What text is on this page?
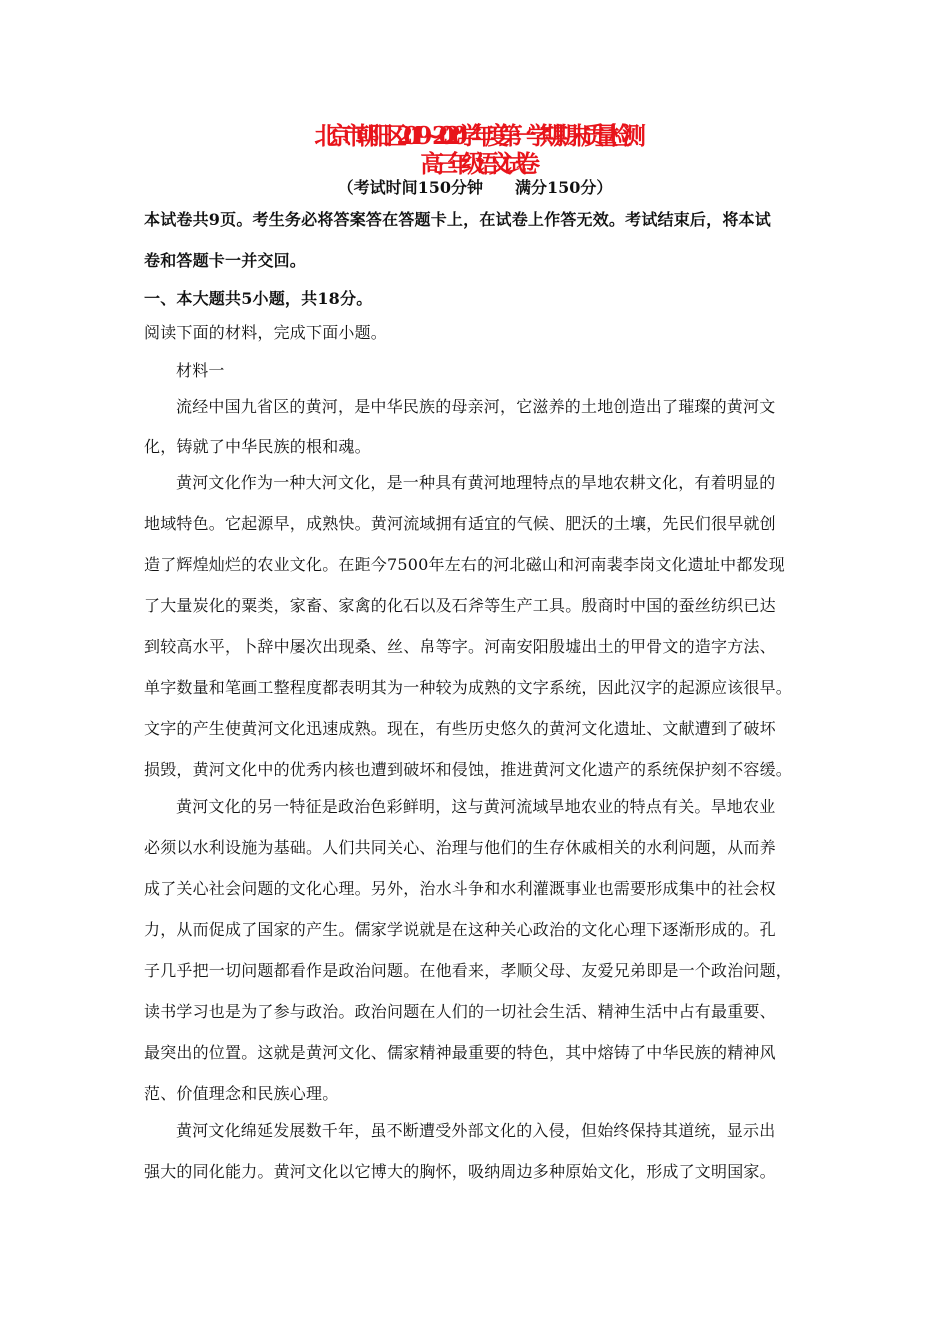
北京市朝阳区2019~2020学年度第一学期期末质量检测
高三年级语文试卷
（考试时间150分钟　　满分150分）
本试卷共9页。考生务必将答案答在答题卡上，在试卷上作答无效。考试结束后，将本试
卷和答题卡一并交回。
一、本大题共5小题，共18分。
阅读下面的材料，完成下面小题。
材料一
流经中国九省区的黄河，是中华民族的母亲河，它滋养的土地创造出了璀璨的黄河文
化，铸就了中华民族的根和魂。
黄河文化作为一种大河文化，是一种具有黄河地理特点的旱地农耕文化，有着明显的
地域特色。它起源早，成熟快。黄河流域拥有适宜的气候、肥沃的土壤，先民们很早就创
造了辉煌灿烂的农业文化。在距今7500年左右的河北磁山和河南裴李岗文化遗址中都发现
了大量炭化的粟类，家畜、家禽的化石以及石斧等生产工具。殷商时中国的蚕丝纺织已达
到较高水平，卜辞中屡次出现桑、丝、帛等字。河南安阳殷墟出土的甲骨文的造字方法、
单字数量和笔画工整程度都表明其为一种较为成熟的文字系统，因此汉字的起源应该很早。
文字的产生使黄河文化迅速成熟。现在，有些历史悠久的黄河文化遗址、文献遭到了破坏
损毁，黄河文化中的优秀内核也遭到破坏和侵蚀，推进黄河文化遗产的系统保护刻不容缓。
黄河文化的另一特征是政治色彩鲜明，这与黄河流域旱地农业的特点有关。旱地农业
必须以水利设施为基础。人们共同关心、治理与他们的生存休戚相关的水利问题，从而养
成了关心社会问题的文化心理。另外，治水斗争和水利灌溉事业也需要形成集中的社会权
力，从而促成了国家的产生。儒家学说就是在这种关心政治的文化心理下逐渐形成的。孔
子几乎把一切问题都看作是政治问题。在他看来，孝顺父母、友爱兄弟即是一个政治问题，
读书学习也是为了参与政治。政治问题在人们的一切社会生活、精神生活中占有最重要、
最突出的位置。这就是黄河文化、儒家精神最重要的特色，其中熔铸了中华民族的精神风
范、价值理念和民族心理。
黄河文化绵延发展数千年，虽不断遭受外部文化的入侵，但始终保持其道统，显示出
强大的同化能力。黄河文化以它博大的胸怀，吸纳周边多种原始文化，形成了文明国家。
